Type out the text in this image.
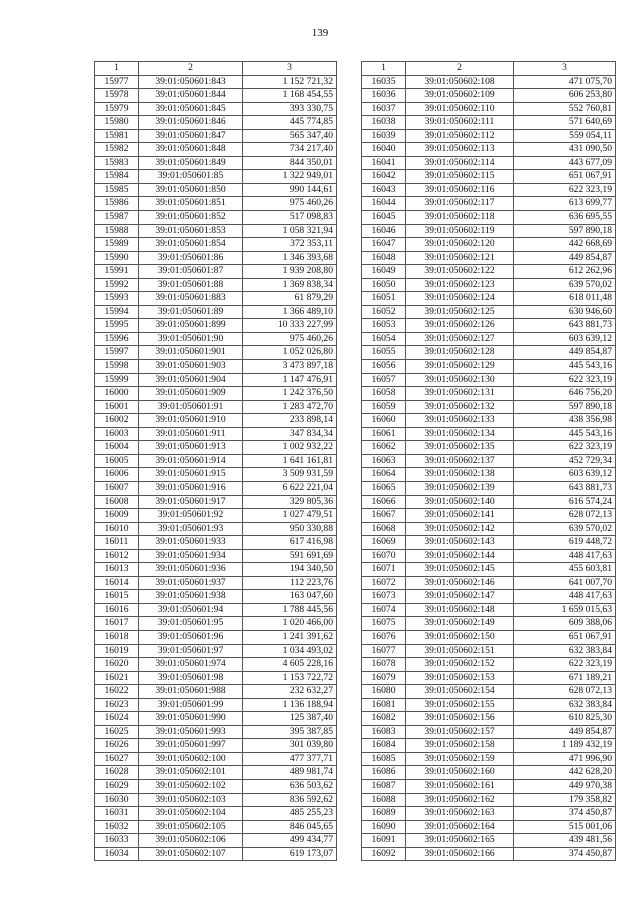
139
1	2	3
15977	39:01:050601:843	1 152 721,32
15978	39:01:050601:844	1 168 454,55
15979	39:01:050601:845	393 330,75
15980	39:01:050601:846	445 774,85
15981	39:01:050601:847	565 347,40
15982	39:01:050601:848	734 217,40
15983	39:01:050601:849	844 350,01
15984	39:01:050601:85	1 322 949,01
15985	39:01:050601:850	990 144,61
15986	39:01:050601:851	975 460,26
15987	39:01:050601:852	517 098,83
15988	39:01:050601:853	1 058 321,94
15989	39:01:050601:854	372 353,11
15990	39:01:050601:86	1 346 393,68
15991	39:01:050601:87	1 939 208,80
15992	39:01:050601:88	1 369 838,34
15993	39:01:050601:883	61 879,29
15994	39:01:050601:89	1 366 489,10
15995	39:01:050601:899	10 333 227,99
15996	39:01:050601:90	975 460,26
15997	39:01:050601:901	1 052 026,80
15998	39:01:050601:903	3 473 897,18
15999	39:01:050601:904	1 147 476,91
16000	39:01:050601:909	1 242 376,50
16001	39:01:050601:91	1 283 472,70
16002	39:01:050601:910	233 898,14
16003	39:01:050601:911	347 834,34
16004	39:01:050601:913	1 002 932,22
16005	39:01:050601:914	1 641 161,81
16006	39:01:050601:915	3 509 931,59
16007	39:01:050601:916	6 622 221,04
16008	39:01:050601:917	329 805,36
16009	39:01:050601:92	1 027 479,51
16010	39:01:050601:93	950 330,88
16011	39:01:050601:933	617 416,98
16012	39:01:050601:934	591 691,69
16013	39:01:050601:936	194 340,50
16014	39:01:050601:937	112 223,76
16015	39:01:050601:938	163 047,60
16016	39:01:050601:94	1 788 445,56
16017	39:01:050601:95	1 020 466,00
16018	39:01:050601:96	1 241 391,62
16019	39:01:050601:97	1 034 493,02
16020	39:01:050601:974	4 605 228,16
16021	39:01:050601:98	1 153 722,72
16022	39:01:050601:988	232 632,27
16023	39:01:050601:99	1 136 188,94
16024	39:01:050601:990	125 387,40
16025	39:01:050601:993	395 387,85
16026	39:01:050601:997	301 039,80
16027	39:01:050602:100	477 377,71
16028	39:01:050602:101	489 981,74
16029	39:01:050602:102	636 503,62
16030	39:01:050602:103	836 592,62
16031	39:01:050602:104	485 255,23
16032	39:01:050602:105	846 045,65
16033	39:01:050602:106	499 434,77
16034	39:01:050602:107	619 173,07
1	2	3
16035	39:01:050602:108	471 075,70
16036	39:01:050602:109	606 253,80
16037	39:01:050602:110	552 760,81
16038	39:01:050602:111	571 640,69
16039	39:01:050602:112	559 054,11
16040	39:01:050602:113	431 090,50
16041	39:01:050602:114	443 677,09
16042	39:01:050602:115	651 067,91
16043	39:01:050602:116	622 323,19
16044	39:01:050602:117	613 699,77
16045	39:01:050602:118	636 695,55
16046	39:01:050602:119	597 890,18
16047	39:01:050602:120	442 668,69
16048	39:01:050602:121	449 854,87
16049	39:01:050602:122	612 262,96
16050	39:01:050602:123	639 570,02
16051	39:01:050602:124	618 011,48
16052	39:01:050602:125	630 946,60
16053	39:01:050602:126	643 881,73
16054	39:01:050602:127	603 639,12
16055	39:01:050602:128	449 854,87
16056	39:01:050602:129	445 543,16
16057	39:01:050602:130	622 323,19
16058	39:01:050602:131	646 756,20
16059	39:01:050602:132	597 890,18
16060	39:01:050602:133	438 356,98
16061	39:01:050602:134	445 543,16
16062	39:01:050602:135	622 323,19
16063	39:01:050602:137	452 729,34
16064	39:01:050602:138	603 639,12
16065	39:01:050602:139	643 881,73
16066	39:01:050602:140	616 574,24
16067	39:01:050602:141	628 072,13
16068	39:01:050602:142	639 570,02
16069	39:01:050602:143	619 448,72
16070	39:01:050602:144	448 417,63
16071	39:01:050602:145	455 603,81
16072	39:01:050602:146	641 007,70
16073	39:01:050602:147	448 417,63
16074	39:01:050602:148	1 659 015,63
16075	39:01:050602:149	609 388,06
16076	39:01:050602:150	651 067,91
16077	39:01:050602:151	632 383,84
16078	39:01:050602:152	622 323,19
16079	39:01:050602:153	671 189,21
16080	39:01:050602:154	628 072,13
16081	39:01:050602:155	632 383,84
16082	39:01:050602:156	610 825,30
16083	39:01:050602:157	449 854,87
16084	39:01:050602:158	1 189 432,19
16085	39:01:050602:159	471 996,90
16086	39:01:050602:160	442 628,20
16087	39:01:050602:161	449 970,38
16088	39:01:050602:162	179 358,82
16089	39:01:050602:163	374 450,87
16090	39:01:050602:164	515 001,06
16091	39:01:050602:165	439 481,56
16092	39:01:050602:166	374 450,87
